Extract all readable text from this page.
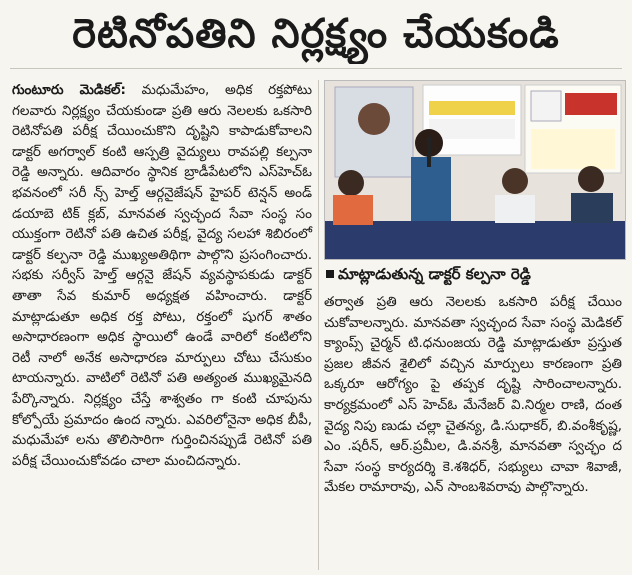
రెటినోపతిని నిర్లక్ష్యం చేయకండి

గుంటూరు మెడికల్: మధుమేహం, అధిక రక్తపోటు గలవారు నిర్లక్ష్యం చేయకుండా ప్రతి ఆరు నెలలకు ఒకసారి రెటినోపతి పరీక్ష చేయించుకొని దృష్టిని కాపాడుకోవాలని డాక్టర్ అగర్వాల్ కంటి ఆస్పత్రి వైద్యులు రావపల్లి కల్పనా రెడ్డి అన్నారు. ఆదివారం స్థానిక బ్రాడీపేటలోని ఎస్‌హెచ్‌ఓ భవనంలో సరీ న్స్ హెల్త్ ఆర్గనైజేషన్ హైపర్ టెన్షన్ అండ్ డయాబె టిక్ క్లబ్, మానవత స్వచ్ఛంద సేవా సంస్థ సం యుక్తంగా రెటినో పతి ఉచిత పరీక్ష, వైద్య సలహా శిబిరంలో డాక్టర్ కల్పనా రెడ్డి ముఖ్యఅతిథిగా పాల్గొని ప్రసంగించారు. సభకు సర్వీస్ హెల్త్ ఆర్గనై జేషన్ వ్యవస్థాపకుడు డాక్టర్ తాతా సేవ కుమార్ అధ్యక్షత వహించారు. డాక్టర్ మాట్లాడుతూ అధిక రక్త పోటు, రక్తంలో షుగర్ శాతం అసాధారణంగా అధిక స్థాయిలో ఉండే వారిలో కంటిలోని రెటీ నాలో అనేక అసాధారణ మార్పులు చోటు చేసుకుం టాయన్నారు. వాటిలో రెటినో పతి అత్యంత ముఖ్యమైనది పేర్కొన్నారు. నిర్లక్ష్యం చేస్తే శాశ్వతం గా కంటి చూపును కోల్పోయే ప్రమాదం ఉంద న్నారు. ఎవరిలోనైనా అధిక బీపీ, మధుమేహా లను తొలిసారిగా గుర్తించినప్పుడే రెటినో పతి పరీక్ష చేయించుకోవడం చాలా మంచిదన్నారు.

మాట్లాడుతున్న డాక్టర్ కల్పనా రెడ్డి

తర్వాత ప్రతి ఆరు నెలలకు ఒకసారి పరీక్ష చేయిం చుకోవాలన్నారు. మానవతా స్వచ్ఛంద సేవా సంస్థ మెడికల్ క్యాంప్స్ చైర్మన్ టి.ధనుంజయ రెడ్డి మాట్లాడుతూ ప్రస్తుత ప్రజల జీవన శైలిలో వచ్చిన మార్పులు కారణంగా ప్రతి ఒక్కరూ ఆరోగ్యం పై తప్పక దృష్టి సారించాలన్నారు. కార్యక్రమంలో ఎస్ హెచ్ఓ మేనేజర్ వి.నిర్మల రాణి, దంత వైద్య నిపు ణుడు చల్లా చైతన్య, డి.సుధాకర్, బి.వంశీకృష్ణ, ఎం .షరీన్, ఆర్.ప్రమీల, డి.వనశ్రీ, మానవతా స్వచ్ఛం ద సేవా సంస్థ కార్యదర్శి కె.శశిధర్, సభ్యులు చావా శివాజీ, మేకల రామారావు, ఎన్ సాంబశివరావు పాల్గొన్నారు.
